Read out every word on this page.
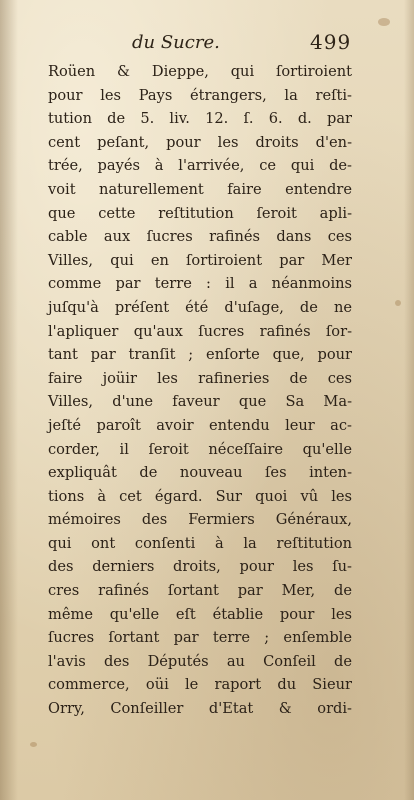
du Sucre.	499
Roüen & Dieppe, qui ſortiroient
pour les Pays étrangers, la reſti-
tution de 5. liv. 12. ſ. 6. d. par
cent peſant, pour les droits d'en-
trée, payés à l'arrivée, ce qui de-
voit naturellement faire entendre
que cette reſtitution ſeroit apli-
cable aux ſucres rafinés dans ces
Villes, qui en ſortiroient par Mer
comme par terre : il a néanmoins
juſqu'à préſent été d'uſage, de ne
l'apliquer qu'aux ſucres rafinés ſor-
tant par tranſit ; enſorte que, pour
faire joüir les rafineries de ces
Villes, d'une faveur que Sa Ma-
jeſté paroît avoir entendu leur ac-
corder, il ſeroit néceſſaire qu'elle
expliquât de nouveau ſes inten-
tions à cet égard. Sur quoi vû les
mémoires des Fermiers Généraux,
qui ont conſenti à la reſtitution
des derniers droits, pour les ſu-
cres rafinés ſortant par Mer, de
même qu'elle eſt établie pour les
ſucres ſortant par terre ; enſemble
l'avis des Députés au Conſeil de
commerce, oüi le raport du Sieur
Orry, Conſeiller d'Etat & ordi-
